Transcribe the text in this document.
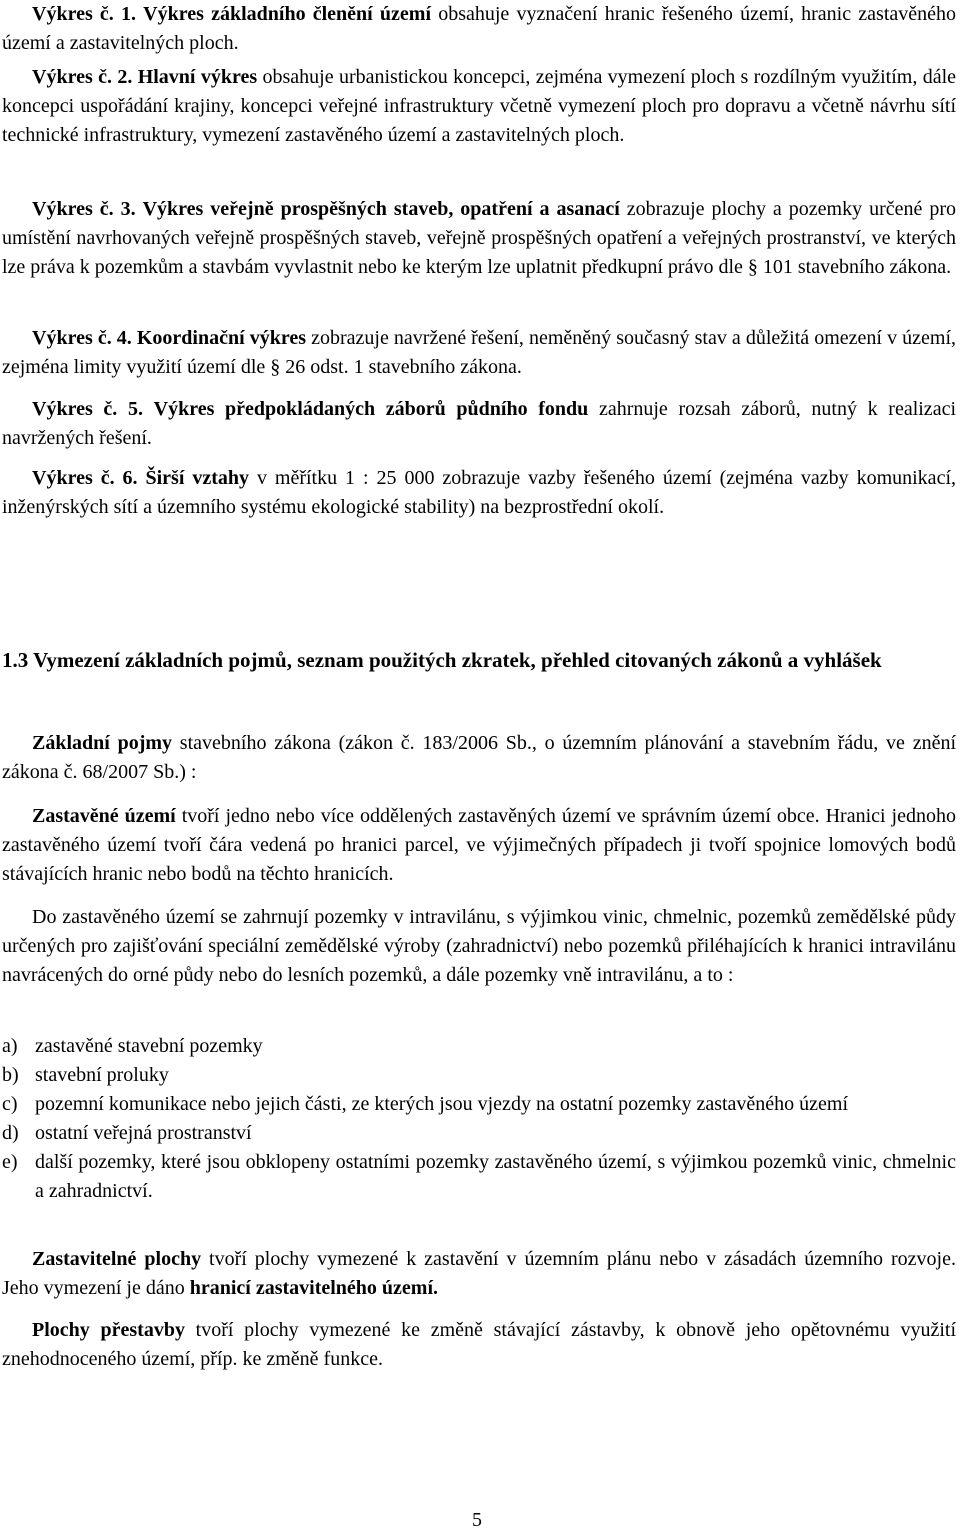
Výkres č. 1. Výkres základního členění území obsahuje vyznačení hranic řešeného území, hranic zastavěného území a zastavitelných ploch.

Výkres č. 2. Hlavní výkres obsahuje urbanistickou koncepci, zejména vymezení ploch s rozdílným využitím, dále koncepci uspořádání krajiny, koncepci veřejné infrastruktury včetně vymezení ploch pro dopravu a včetně návrhu sítí technické infrastruktury, vymezení zastavěného území a zastavitelných ploch.

Výkres č. 3. Výkres veřejně prospěšných staveb, opatření a asanací zobrazuje plochy a pozemky určené pro umístění navrhovaných veřejně prospěšných staveb, veřejně prospěšných opatření a veřejných prostranství, ve kterých lze práva k pozemkům a stavbám vyvlastnit nebo ke kterým lze uplatnit předkupní právo dle § 101 stavebního zákona.

Výkres č. 4. Koordinační výkres zobrazuje navržené řešení, neměněný současný stav a důležitá omezení v území, zejména limity využití území dle § 26 odst. 1 stavebního zákona.

Výkres č. 5. Výkres předpokládaných záborů půdního fondu zahrnuje rozsah záborů, nutný k realizaci navržených řešení.

Výkres č. 6. Širší vztahy v měřítku 1 : 25 000 zobrazuje vazby řešeného území (zejména vazby komunikací, inženýrských sítí a územního systému ekologické stability) na bezprostřední okolí.

1.3 Vymezení základních pojmů, seznam použitých zkratek, přehled citovaných zákonů a vyhlášek

Základní pojmy stavebního zákona (zákon č. 183/2006 Sb., o územním plánování a stavebním řádu, ve znění zákona č. 68/2007 Sb.) :

Zastavěné území tvoří jedno nebo více oddělených zastavěných území ve správním území obce. Hranici jednoho zastavěného území tvoří čára vedená po hranici parcel, ve výjimečných případech ji tvoří spojnice lomových bodů stávajících hranic nebo bodů na těchto hranicích.

Do zastavěného území se zahrnují pozemky v intravilánu, s výjimkou vinic, chmelnic, pozemků zemědělské půdy určených pro zajišťování speciální zemědělské výroby (zahradnictví) nebo pozemků přiléhajících k hranici intravilánu navrácených do orné půdy nebo do lesních pozemků, a dále pozemky vně intravilánu, a to :

a) zastavěné stavební pozemky
b) stavební proluky
c) pozemní komunikace nebo jejich části, ze kterých jsou vjezdy na ostatní pozemky zastavěného území
d) ostatní veřejná prostranství
e) další pozemky, které jsou obklopeny ostatními pozemky zastavěného území, s výjimkou pozemků vinic, chmelnic a zahradnictví.

Zastavitelné plochy tvoří plochy vymezené k zastavění v územním plánu nebo v zásadách územního rozvoje. Jeho vymezení je dáno hranicí zastavitelného území.

Plochy přestavby tvoří plochy vymezené ke změně stávající zástavby, k obnově jeho opětovnému využití znehodnoceného území, příp. ke změně funkce.

5
